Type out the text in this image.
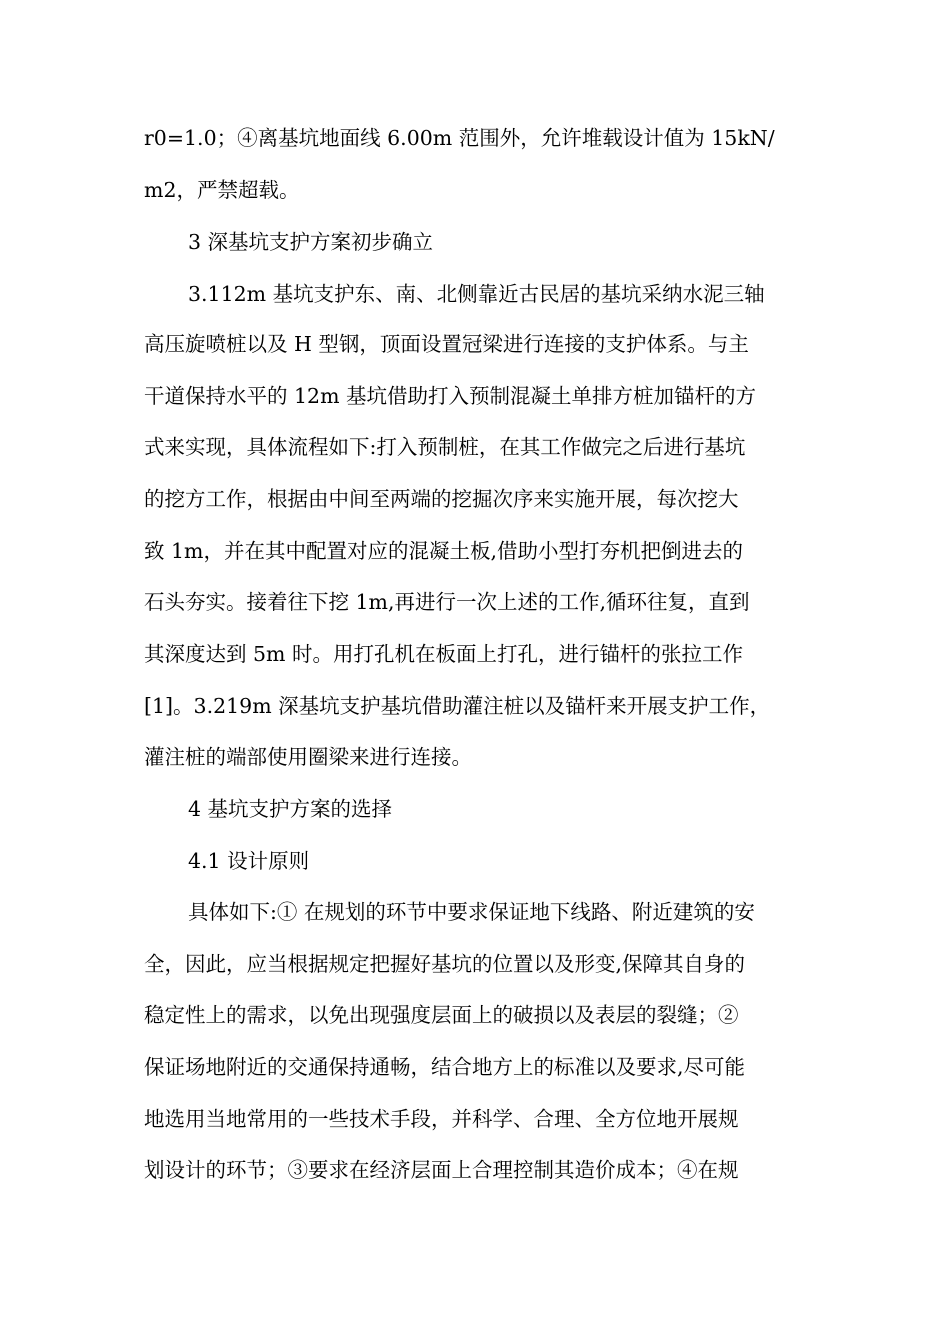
r0=1.0；④离基坑地面线 6.00m 范围外，允许堆载设计值为 15kN/
m2，严禁超载。
3 深基坑支护方案初步确立
3.112m 基坑支护东、南、北侧靠近古民居的基坑采纳水泥三轴
高压旋喷桩以及 H 型钢，顶面设置冠梁进行连接的支护体系。与主
干道保持水平的 12m 基坑借助打入预制混凝土单排方桩加锚杆的方
式来实现，具体流程如下:打入预制桩，在其工作做完之后进行基坑
的挖方工作，根据由中间至两端的挖掘次序来实施开展，每次挖大
致 1m，并在其中配置对应的混凝土板,借助小型打夯机把倒进去的
石头夯实。接着往下挖 1m,再进行一次上述的工作,循环往复，直到
其深度达到 5m 时。用打孔机在板面上打孔，进行锚杆的张拉工作
[1]。3.219m 深基坑支护基坑借助灌注桩以及锚杆来开展支护工作，
灌注桩的端部使用圈梁来进行连接。
4 基坑支护方案的选择
4.1 设计原则
具体如下:① 在规划的环节中要求保证地下线路、附近建筑的安
全，因此，应当根据规定把握好基坑的位置以及形变,保障其自身的
稳定性上的需求，以免出现强度层面上的破损以及表层的裂缝；②
保证场地附近的交通保持通畅，结合地方上的标准以及要求,尽可能
地选用当地常用的一些技术手段，并科学、合理、全方位地开展规
划设计的环节；③要求在经济层面上合理控制其造价成本；④在规
